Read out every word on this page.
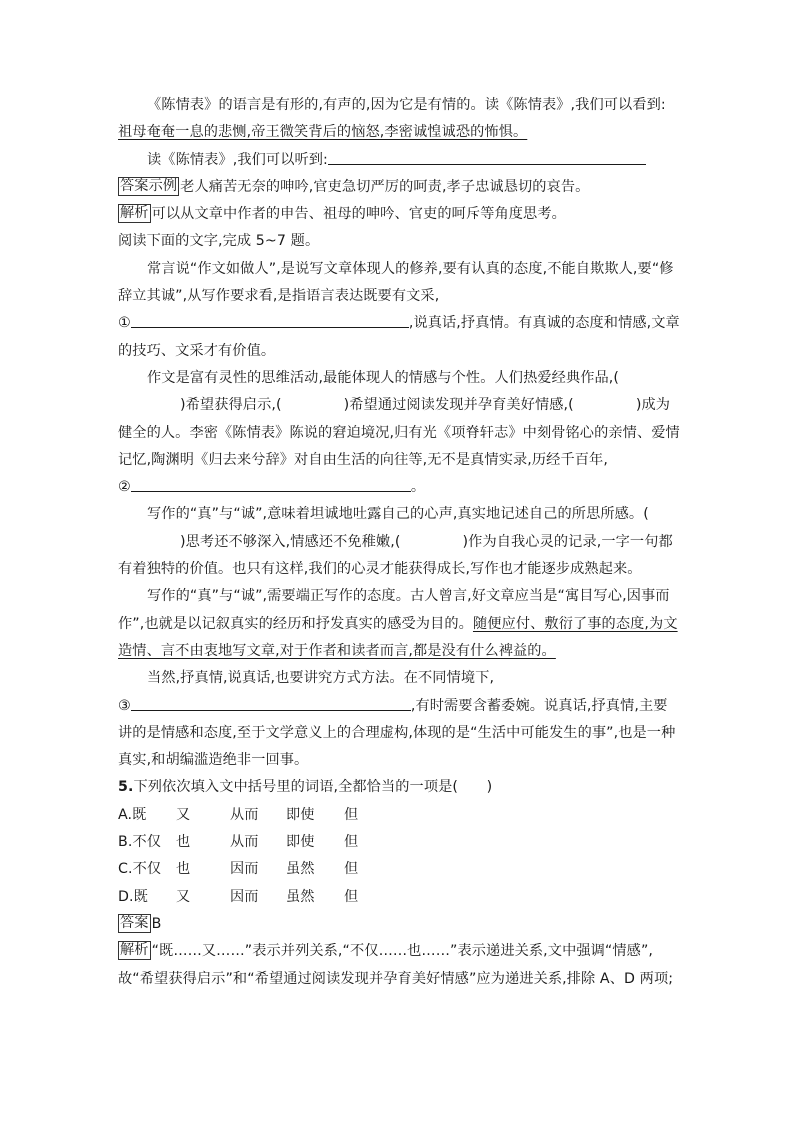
《陈情表》的语言是有形的,有声的,因为它是有情的。读《陈情表》,我们可以看到:祖母奄奄一息的悲恻,帝王微笑背后的恼怒,李密诚惶诚恐的怖惧。

读《陈情表》,我们可以听到:

答案示例 老人痛苦无奈的呻吟,官吏急切严厉的呵责,孝子忠诚恳切的哀告。

解析 可以从文章中作者的申告、祖母的呻吟、官吏的呵斥等角度思考。

阅读下面的文字,完成 5~7 题。

常言说“作文如做人”,是说写文章体现人的修养,要有认真的态度,不能自欺欺人,要“修辞立其诚”,从写作要求看,是指语言表达既要有文采,
①	,说真话,抒真情。有真诚的态度和情感,文章的技巧、文采才有价值。

作文是富有灵性的思维活动,最能体现人的情感与个性。人们热爱经典作品,()希望获得启示,(	)希望通过阅读发现并孕育美好情感,(	)成为健全的人。李密《陈情表》陈说的窘迫境况,归有光《项脊轩志》中刻骨铭心的亲情、爱情记忆,陶渊明《归去来兮辞》对自由生活的向往等,无不是真情实录,历经千百年,
②	。

写作的“真”与“诚”,意味着坦诚地吐露自己的心声,真实地记述自己的所思所感。()思考还不够深入,情感还不免稚嫩,(	)作为自我心灵的记录,一字一句都有着独特的价值。也只有这样,我们的心灵才能获得成长,写作也才能逐步成熟起来。

写作的“真”与“诚”,需要端正写作的态度。古人曾言,好文章应当是“寓目写心,因事而作”,也就是以记叙真实的经历和抒发真实的感受为目的。随便应付、敷衍了事的态度,为文造情、言不由衷地写文章,对于作者和读者而言,都是没有什么裨益的。

当然,抒真情,说真话,也要讲究方式方法。在不同情境下,
③	,有时需要含蓄委婉。说真话,抒真情,主要讲的是情感和态度,至于文学意义上的合理虚构,体现的是“生活中可能发生的事”,也是一种真实,和胡编滥造绝非一回事。

5.下列依次填入文中括号里的词语,全都恰当的一项是(　　)

A.既	又	从而	即使	但
B.不仅	也	从而	即使	但
C.不仅	也	因而	虽然	但
D.既	又	因而	虽然	但

答案 B

解析 “既……又……”表示并列关系,“不仅……也……”表示递进关系,文中强调“情感”,故“希望获得启示”和“希望通过阅读发现并孕育美好情感”应为递进关系,排除 A、D 两项;
